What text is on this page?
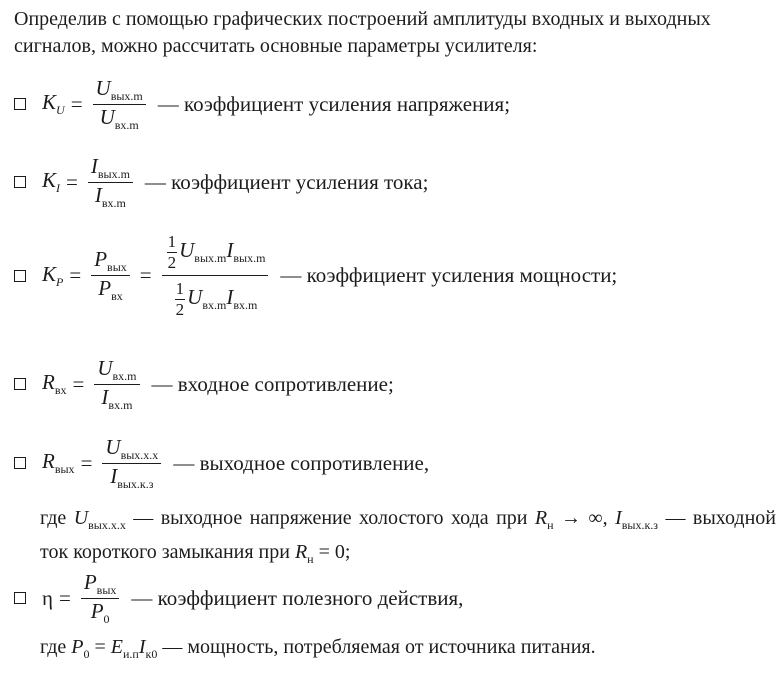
Определив с помощью графических построений амплитуды входных и выходных сигналов, можно рассчитать основные параметры усилителя:

$K_U = \frac{U_{вых.m}}{U_{вх.m}}$ — коэффициент усиления напряжения;
$K_I = \frac{I_{вых.m}}{I_{вх.m}}$ — коэффициент усиления тока;
$K_P = \frac{P_{вых}}{P_{вх}} = \frac{\frac{1}{2} U_{вых.m} I_{вых.m}}{\frac{1}{2} U_{вх.m} I_{вх.m}}$ — коэффициент усиления мощности;
$R_{вх} = \frac{U_{вх.m}}{I_{вх.m}}$ — входное сопротивление;
$R_{вых} = \frac{U_{вых.х.х}}{I_{вых.к.з}}$ — выходное сопротивление,

где $U_{вых.х.х}$ — выходное напряжение холостого хода при $R_н$ → ∞, $I_{вых.к.з}$ — выходной ток короткого замыкания при $R_н = 0$;

$\eta = \frac{P_{вых}}{P_0}$ — коэффициент полезного действия,

где $P_0 = E_{и.п}I_{к0}$ — мощность, потребляемая от источника питания.
